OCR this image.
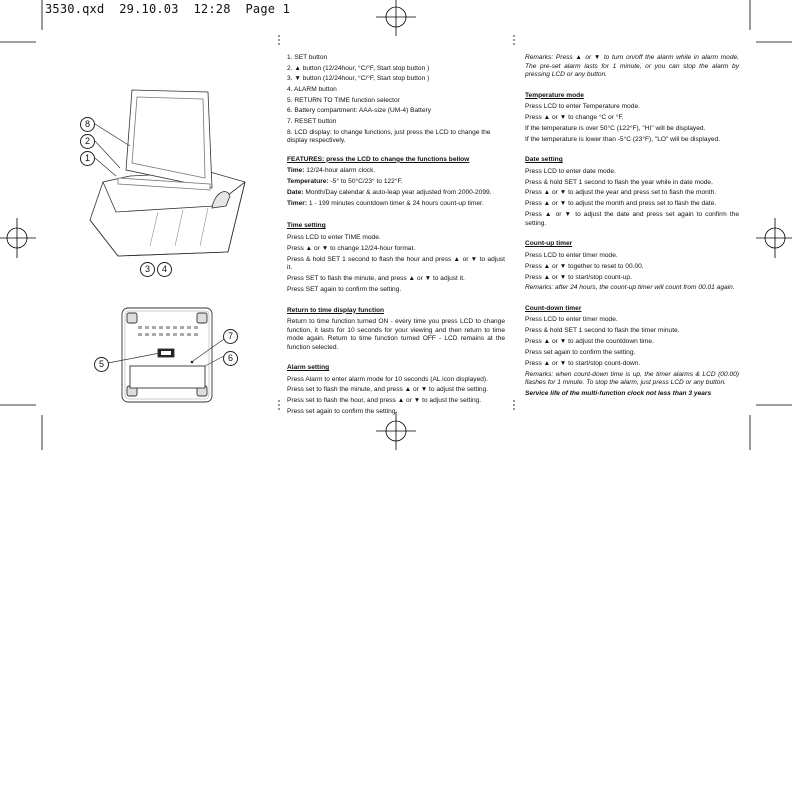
3530.qxd  29.10.03  12:28  Page 1
8
2
1
3	4
5
7
6

1. SET button

2. ▲ button (12/24hour, °C/°F, Start stop button )

3. ▼ button (12/24hour, °C/°F, Start stop button )

4. ALARM button

5. RETURN TO TIME function selector

6. Battery compartment: AAA-size (UM-4) Battery

7. RESET button

8. LCD display: to change functions, just press the LCD to change the display respectively.

FEATURES: press the LCD to change the functions bellow

Time: 12/24-hour alarm clock.

Temperature: -5° to 50°C/23° to 122°F.

Date: Month/Day calendar & auto-leap year adjusted from 2000-2099.

Timer: 1 - 199 minutes countdown timer & 24 hours count-up timer.

Time setting

Press LCD to enter TIME mode.

Press ▲ or ▼ to change 12/24-hour format.

Press & hold SET 1 second to flash the hour and press ▲ or ▼ to adjust it.

Press SET to flash the minute, and press ▲ or ▼ to adjust it.

Press SET again to confirm the setting.

Return to time display function

Return to time function turned ON - every time you press LCD to change function, it lasts for 10 seconds for your viewing and then return to time mode again. Return to time function turned OFF - LCD remains at the function selected.

Alarm setting

Press Alarm to enter alarm mode for 10 seconds (AL icon displayed).

Press set to flash the minute, and press ▲ or ▼ to adjust the setting.

Press set to flash the hour, and press ▲ or ▼ to adjust the setting.

Press set again to confirm the setting.

Remarks: Press ▲ or ▼ to turn on/off the alarm while in alarm mode. The pre-set alarm lasts for 1 minute, or you can stop the alarm by pressing LCD or any button.

Temperature mode

Press LCD to enter Temperature mode.

Press ▲ or ▼ to change °C or °F.

If the temperature is over 50°C (122°F), "HI" will be displayed.

If the temperature is lower than -5°C (23°F), "LO" will be displayed.

Date setting

Press LCD to enter date mode.

Press & hold SET 1 second to flash the year while in date mode.

Press ▲ or ▼ to adjust the year and press set to flash the month.

Press ▲ or ▼ to adjust the month and press set to flash the date.

Press ▲ or ▼ to adjust the date and press set again to confirm the setting.

Count-up timer

Press LCD to enter timer mode.

Press ▲ or ▼ together to reset to 00.00.

Press ▲ or ▼ to start/stop count-up.

Remarks: after 24 hours, the count-up timer will count from 00.01 again.

Count-down timer

Press LCD to enter timer mode.

Press & hold SET 1 second to flash the timer minute.

Press ▲ or ▼ to adjust the countdown time.

Press set again to confirm the setting.

Press ▲ or ▼ to start/stop count-down.

Remarks: when count-down time is up, the timer alarms & LCD (00.00) flashes for 1 minute. To stop the alarm, just press LCD or any button.

Service life of the multi-function clock not less than 3 years
